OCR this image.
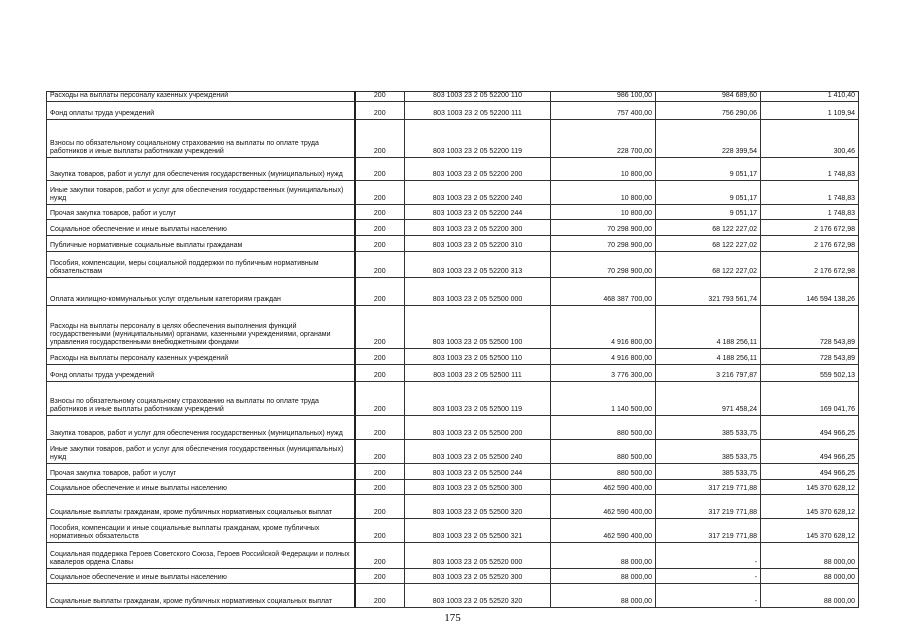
Расходы на выплаты персоналу казенных учреждений	200	803 1003 23 2 05 52200 110	986 100,00	984 689,60	1 410,40
Фонд оплаты труда учреждений	200	803 1003 23 2 05 52200 111	757 400,00	756 290,06	1 109,94
Взносы по обязательному социальному страхованию на выплаты по оплате труда работников и иные выплаты работникам учреждений	200	803 1003 23 2 05 52200 119	228 700,00	228 399,54	300,46
Закупка товаров, работ и услуг для обеспечения государственных (муниципальных) нужд	200	803 1003 23 2 05 52200 200	10 800,00	9 051,17	1 748,83
Иные закупки товаров, работ и услуг для обеспечения государственных (муниципальных) нужд	200	803 1003 23 2 05 52200 240	10 800,00	9 051,17	1 748,83
Прочая закупка товаров, работ и услуг	200	803 1003 23 2 05 52200 244	10 800,00	9 051,17	1 748,83
Социальное обеспечение и иные выплаты населению	200	803 1003 23 2 05 52200 300	70 298 900,00	68 122 227,02	2 176 672,98
Публичные нормативные социальные выплаты гражданам	200	803 1003 23 2 05 52200 310	70 298 900,00	68 122 227,02	2 176 672,98
Пособия, компенсации, меры социальной поддержки по публичным нормативным обязательствам	200	803 1003 23 2 05 52200 313	70 298 900,00	68 122 227,02	2 176 672,98
Оплата жилищно-коммунальных услуг отдельным категориям граждан	200	803 1003 23 2 05 52500 000	468 387 700,00	321 793 561,74	146 594 138,26
Расходы на выплаты персоналу в целях обеспечения выполнения функций государственными (муниципальными) органами, казенными учреждениями, органами управления государственными внебюджетными фондами	200	803 1003 23 2 05 52500 100	4 916 800,00	4 188 256,11	728 543,89
Расходы на выплаты персоналу казенных учреждений	200	803 1003 23 2 05 52500 110	4 916 800,00	4 188 256,11	728 543,89
Фонд оплаты труда учреждений	200	803 1003 23 2 05 52500 111	3 776 300,00	3 216 797,87	559 502,13
Взносы по обязательному социальному страхованию на выплаты по оплате труда работников и иные выплаты работникам учреждений	200	803 1003 23 2 05 52500 119	1 140 500,00	971 458,24	169 041,76
Закупка товаров, работ и услуг для обеспечения государственных (муниципальных) нужд	200	803 1003 23 2 05 52500 200	880 500,00	385 533,75	494 966,25
Иные закупки товаров, работ и услуг для обеспечения государственных (муниципальных) нужд	200	803 1003 23 2 05 52500 240	880 500,00	385 533,75	494 966,25
Прочая закупка товаров, работ и услуг	200	803 1003 23 2 05 52500 244	880 500,00	385 533,75	494 966,25
Социальное обеспечение и иные выплаты населению	200	803 1003 23 2 05 52500 300	462 590 400,00	317 219 771,88	145 370 628,12
Социальные выплаты гражданам, кроме публичных нормативных социальных выплат	200	803 1003 23 2 05 52500 320	462 590 400,00	317 219 771,88	145 370 628,12
Пособия, компенсации и иные социальные выплаты гражданам, кроме публичных нормативных обязательств	200	803 1003 23 2 05 52500 321	462 590 400,00	317 219 771,88	145 370 628,12
Социальная поддержка Героев Советского Союза, Героев Российской Федерации и полных кавалеров ордена Славы	200	803 1003 23 2 05 52520 000	88 000,00	-	88 000,00
Социальное обеспечение и иные выплаты населению	200	803 1003 23 2 05 52520 300	88 000,00	-	88 000,00
Социальные выплаты гражданам, кроме публичных нормативных социальных выплат	200	803 1003 23 2 05 52520 320	88 000,00	-	88 000,00
175
